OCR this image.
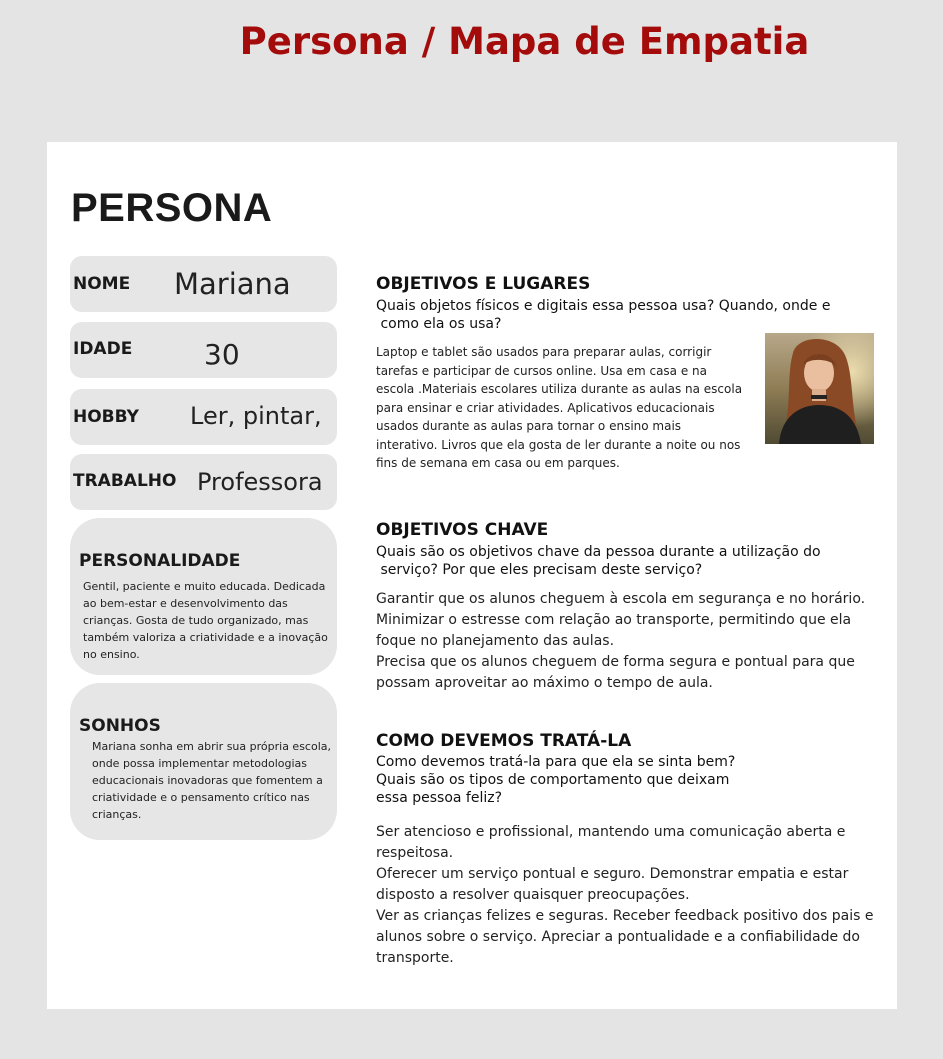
Persona / Mapa de Empatia
PERSONA
NOME Mariana
IDADE	30
HOBBY Ler, pintar,
TRABALHO Professora
PERSONALIDADE
Gentil, paciente e muito educada. Dedicada
ao bem-estar e desenvolvimento das
crianças. Gosta de tudo organizado, mas
também valoriza a criatividade e a inovação
no ensino.
SONHOS
Mariana sonha em abrir sua própria escola,
onde possa implementar metodologias
educacionais inovadoras que fomentem a
criatividade e o pensamento crítico nas
crianças.
OBJETIVOS E LUGARES
Quais objetos físicos e digitais essa pessoa usa? Quando, onde e
como ela os usa?
Laptop e tablet são usados para preparar aulas, corrigir
tarefas e participar de cursos online. Usa em casa e na
escola .Materiais escolares utiliza durante as aulas na escola
para ensinar e criar atividades. Aplicativos educacionais
usados durante as aulas para tornar o ensino mais
interativo. Livros que ela gosta de ler durante a noite ou nos
fins de semana em casa ou em parques.
OBJETIVOS CHAVE
Quais são os objetivos chave da pessoa durante a utilização do
serviço? Por que eles precisam deste serviço?
Garantir que os alunos cheguem à escola em segurança e no horário.
Minimizar o estresse com relação ao transporte, permitindo que ela
foque no planejamento das aulas.
Precisa que os alunos cheguem de forma segura e pontual para que
possam aproveitar ao máximo o tempo de aula.
COMO DEVEMOS TRATÁ-LA
Como devemos tratá-la para que ela se sinta bem?
Quais são os tipos de comportamento que deixam
essa pessoa feliz?
Ser atencioso e profissional, mantendo uma comunicação aberta e
respeitosa.
Oferecer um serviço pontual e seguro. Demonstrar empatia e estar
disposto a resolver quaisquer preocupações.
Ver as crianças felizes e seguras. Receber feedback positivo dos pais e
alunos sobre o serviço. Apreciar a pontualidade e a confiabilidade do
transporte.
